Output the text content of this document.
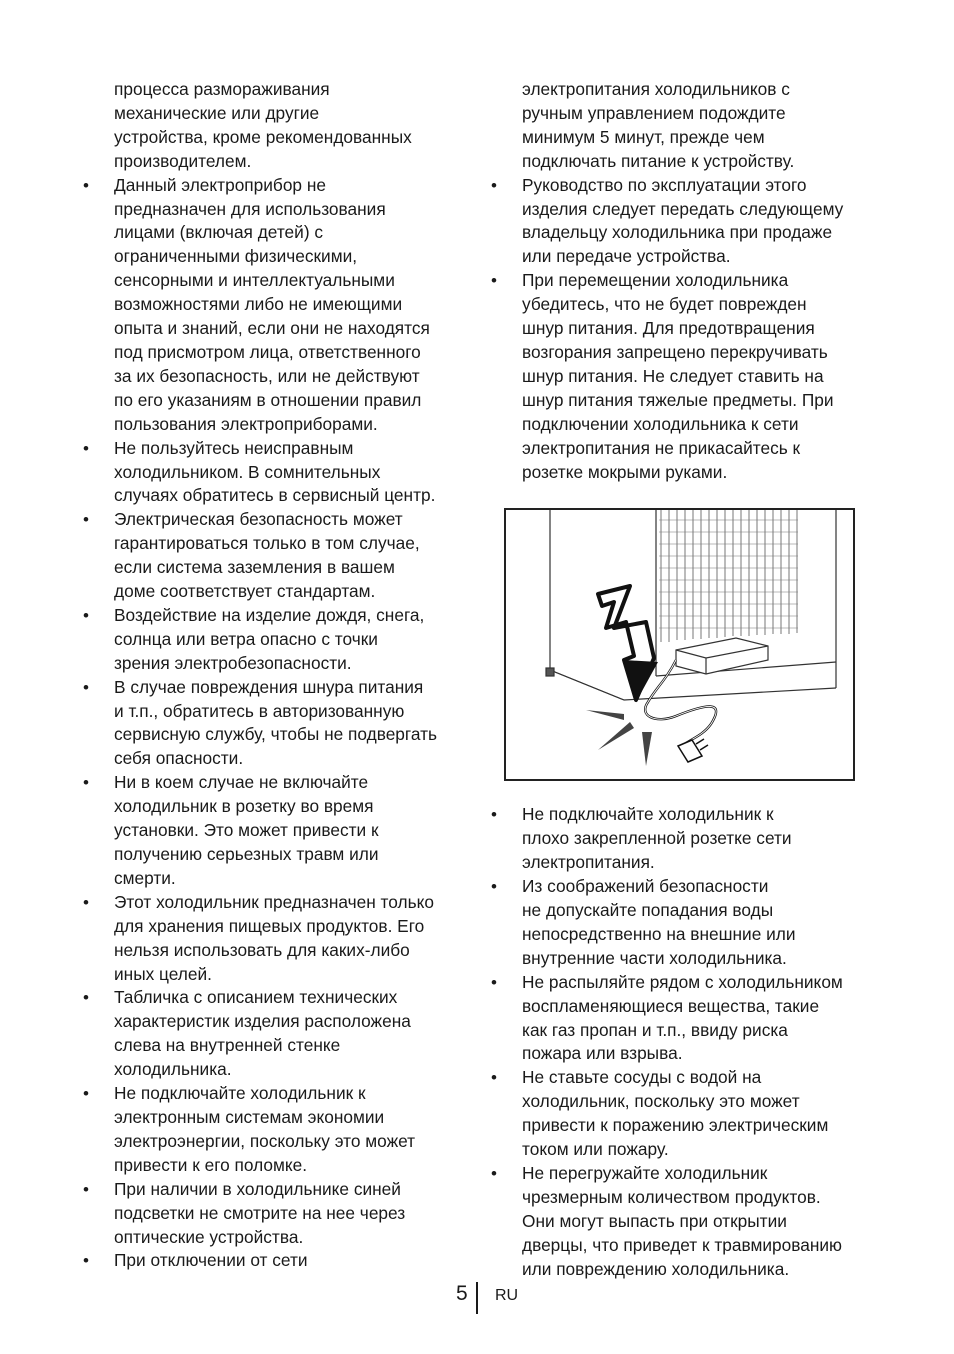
процесса размораживания
механические или другие
устройства, кроме рекомендованных
производителем.

• Данный электроприбор не
предназначен для использования
лицами (включая детей) с
ограниченными физическими,
сенсорными и интеллектуальными
возможностями либо не имеющими
опыта и знаний, если они не находятся
под присмотром лица, ответственного
за их безопасность, или не действуют
по его указаниям в отношении правил
пользования электроприборами.

• Не пользуйтесь неисправным
холодильником. В сомнительных
случаях обратитесь в сервисный центр.

• Электрическая безопасность может
гарантироваться только в том случае,
если система заземления в вашем
доме соответствует стандартам.

• Воздействие на изделие дождя, снега,
солнца или ветра опасно с точки
зрения электробезопасности.

• В случае повреждения шнура питания
и т.п., обратитесь в авторизованную
сервисную службу, чтобы не подвергать
себя опасности.

• Ни в коем случае не включайте
холодильник в розетку во время
установки. Это может привести к
получению серьезных травм или
смерти.

• Этот холодильник предназначен только
для хранения пищевых продуктов. Его
нельзя использовать для каких-либо
иных целей.

• Табличка с описанием технических
характеристик изделия расположена
слева на внутренней стенке
холодильника.

• Не подключайте холодильник к
электронным системам экономии
электроэнергии, поскольку это может
привести к его поломке.

• При наличии в холодильнике синей
подсветки не смотрите на нее через
оптические устройства.

• При отключении от сети

электропитания холодильников с
ручным управлением подождите
минимум 5 минут, прежде чем
подключать питание к устройству.

• Руководство по эксплуатации этого
изделия следует передать следующему
владельцу холодильника при продаже
или передаче устройства.

• При перемещении холодильника
убедитесь, что не будет поврежден
шнур питания. Для предотвращения
возгорания запрещено перекручивать
шнур питания. Не следует ставить на
шнур питания тяжелые предметы. При
подключении холодильника к сети
электропитания не прикасайтесь к
розетке мокрыми руками.

• Не подключайте холодильник к
плохо закрепленной розетке сети
электропитания.

• Из соображений безопасности
не допускайте попадания воды
непосредственно на внешние или
внутренние части холодильника.

• Не распыляйте рядом с холодильником
воспламеняющиеся вещества, такие
как газ пропан и т.п., ввиду риска
пожара или взрыва.

• Не ставьте сосуды с водой на
холодильник, поскольку это может
привести к поражению электрическим
током или пожару.

• Не перегружайте холодильник
чрезмерным количеством продуктов.
Они могут выпасть при открытии
дверцы, что приведет к травмированию
или повреждению холодильника.

5 RU
